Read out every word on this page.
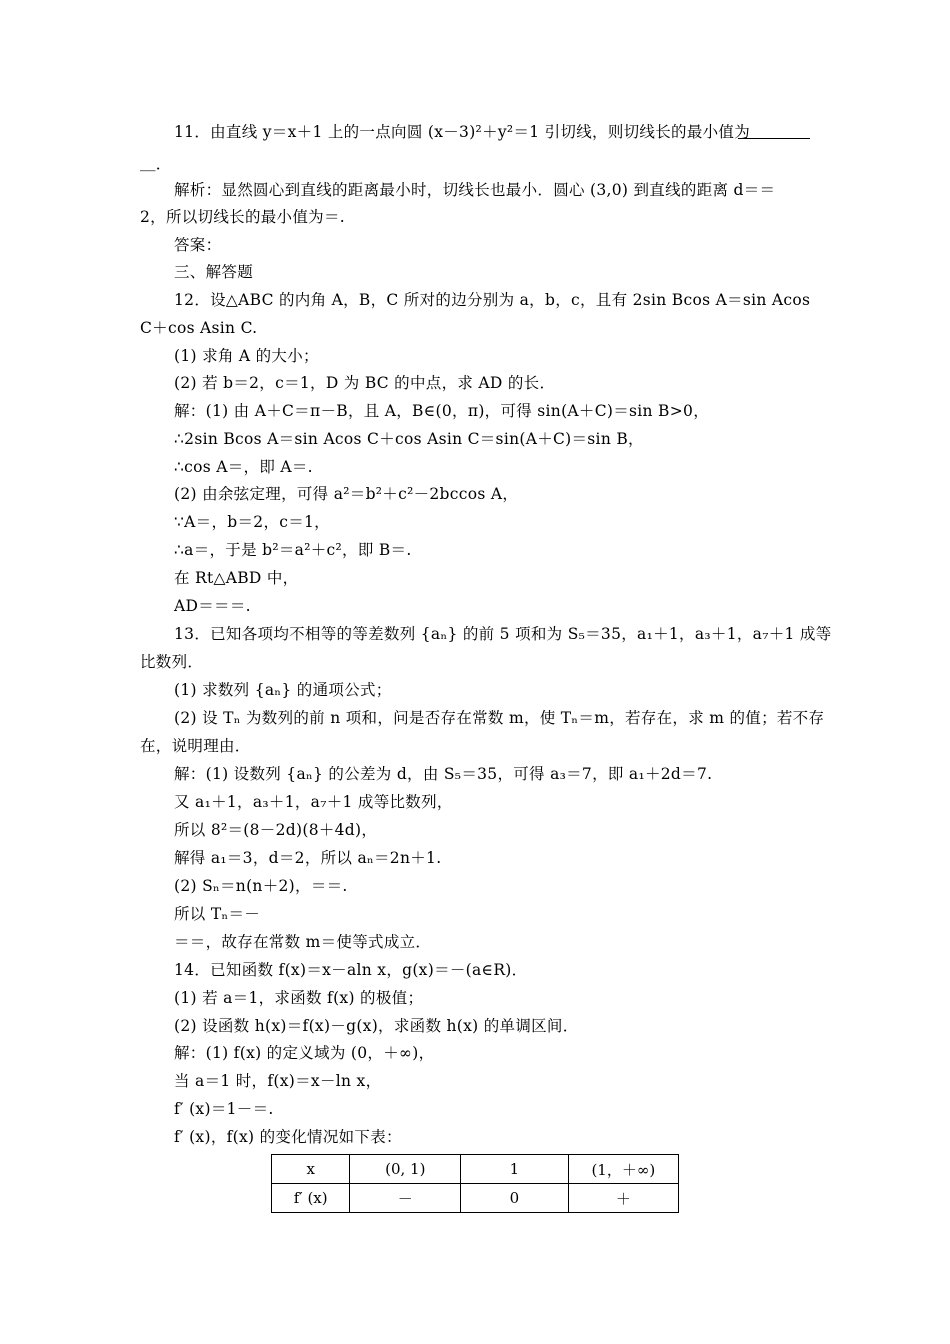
11．由直线 y＝x＋1 上的一点向圆 (x－3)²＋y²＝1 引切线，则切线长的最小值为
＿．
解析：显然圆心到直线的距离最小时，切线长也最小．圆心 (3,0) 到直线的距离 d＝＝
2，所以切线长的最小值为＝.
答案：
三、解答题
12．设△ABC 的内角 A，B，C 所对的边分别为 a，b，c，且有 2sin Bcos A＝sin Acos
C＋cos Asin C.
(1) 求角 A 的大小；
(2) 若 b＝2，c＝1，D 为 BC 的中点，求 AD 的长．
解：(1) 由 A＋C＝π－B，且 A，B∈(0，π)，可得 sin(A＋C)＝sin B>0，
∴2sin Bcos A＝sin Acos C＋cos Asin C＝sin(A＋C)＝sin B，
∴cos A＝，即 A＝.
(2) 由余弦定理，可得 a²＝b²＋c²－2bccos A，
∵A＝，b＝2，c＝1，
∴a＝，于是 b²＝a²＋c²，即 B＝.
在 Rt△ABD 中，
AD＝＝＝.
13．已知各项均不相等的等差数列 {aₙ} 的前 5 项和为 S₅＝35，a₁＋1，a₃＋1，a₇＋1 成等
比数列．
(1) 求数列 {aₙ} 的通项公式；
(2) 设 Tₙ 为数列的前 n 项和，问是否存在常数 m，使 Tₙ＝m，若存在，求 m 的值；若不存
在，说明理由．
解：(1) 设数列 {aₙ} 的公差为 d，由 S₅＝35，可得 a₃＝7，即 a₁＋2d＝7.
又 a₁＋1，a₃＋1，a₇＋1 成等比数列，
所以 8²＝(8－2d)(8＋4d)，
解得 a₁＝3，d＝2，所以 aₙ＝2n＋1.
(2) Sₙ＝n(n＋2)，＝＝.
所以 Tₙ＝－
＝＝，故存在常数 m＝使等式成立．
14．已知函数 f(x)＝x－aln x，g(x)＝－(a∈R)．
(1) 若 a＝1，求函数 f(x) 的极值；
(2) 设函数 h(x)＝f(x)－g(x)，求函数 h(x) 的单调区间．
解：(1) f(x) 的定义域为 (0，＋∞)，
当 a＝1 时，f(x)＝x－ln x，
f′ (x)＝1－＝.
f′ (x)，f(x) 的变化情况如下表：
x	(0, 1)	1	(1，＋∞)
f′ (x)	－	0	＋
